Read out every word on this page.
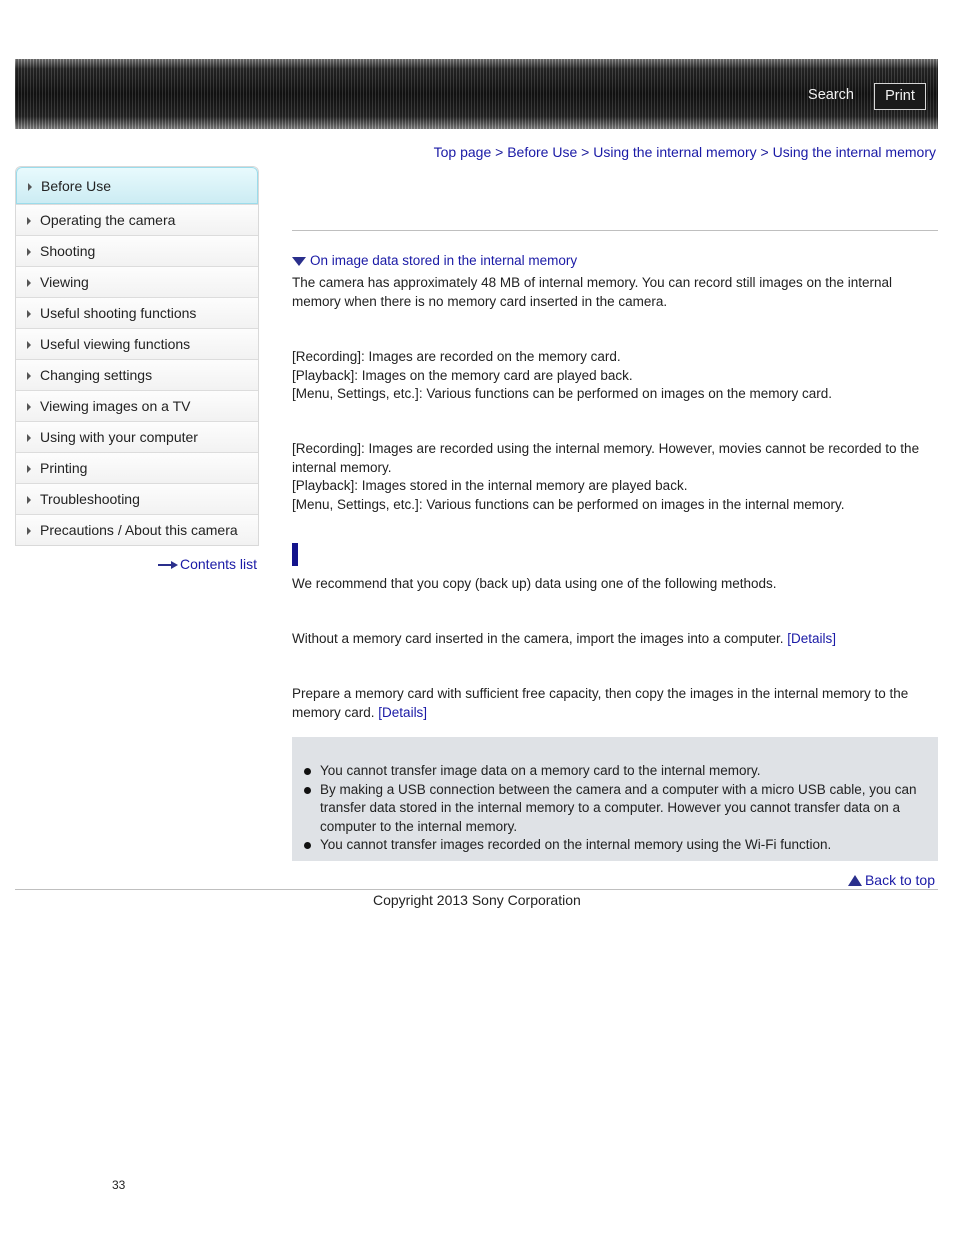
Search	Print
Top page > Before Use > Using the internal memory > Using the internal memory
Before Use
Operating the camera
Shooting
Viewing
Useful shooting functions
Useful viewing functions
Changing settings
Viewing images on a TV
Using with your computer
Printing
Troubleshooting
Precautions / About this camera
Contents list
On image data stored in the internal memory
The camera has approximately 48 MB of internal memory. You can record still images on the internal memory when there is no memory card inserted in the camera.
[Recording]: Images are recorded on the memory card.
[Playback]: Images on the memory card are played back.
[Menu, Settings, etc.]: Various functions can be performed on images on the memory card.
[Recording]: Images are recorded using the internal memory. However, movies cannot be recorded to the internal memory.
[Playback]: Images stored in the internal memory are played back.
[Menu, Settings, etc.]: Various functions can be performed on images in the internal memory.
We recommend that you copy (back up) data using one of the following methods.
Without a memory card inserted in the camera, import the images into a computer. [Details]
Prepare a memory card with sufficient free capacity, then copy the images in the internal memory to the memory card. [Details]
You cannot transfer image data on a memory card to the internal memory.
By making a USB connection between the camera and a computer with a micro USB cable, you can transfer data stored in the internal memory to a computer. However you cannot transfer data on a computer to the internal memory.
You cannot transfer images recorded on the internal memory using the Wi-Fi function.
Back to top
Copyright 2013 Sony Corporation
33
